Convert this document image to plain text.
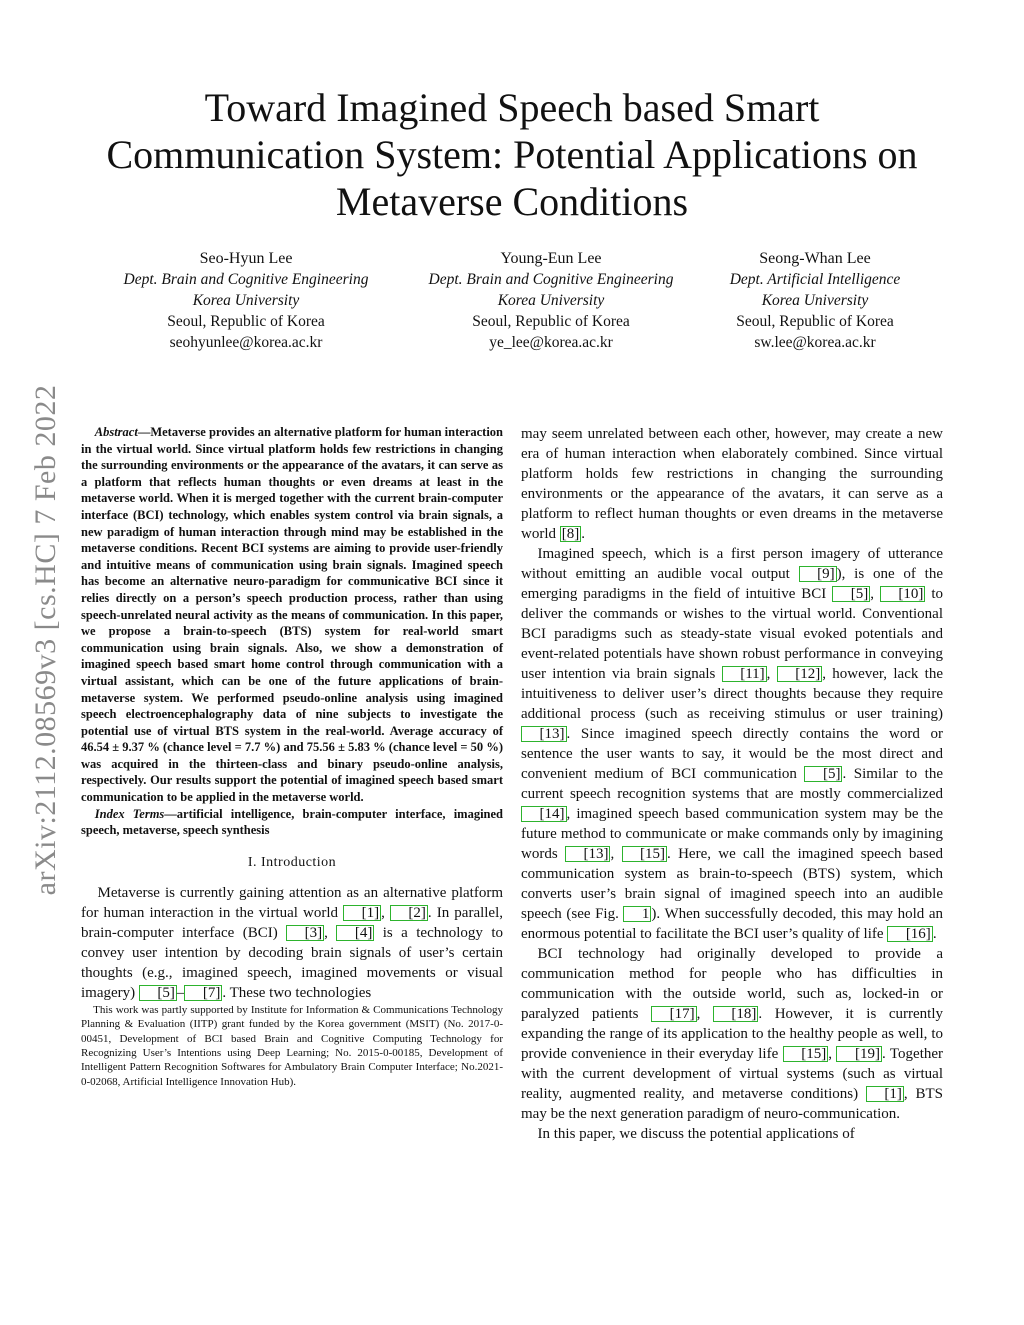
arXiv:2112.08569v3 [cs.HC] 7 Feb 2022
Toward Imagined Speech based Smart Communication System: Potential Applications on Metaverse Conditions
Seo-Hyun Lee
Dept. Brain and Cognitive Engineering
Korea University
Seoul, Republic of Korea
seohyunlee@korea.ac.kr
Young-Eun Lee
Dept. Brain and Cognitive Engineering
Korea University
Seoul, Republic of Korea
ye_lee@korea.ac.kr
Seong-Whan Lee
Dept. Artificial Intelligence
Korea University
Seoul, Republic of Korea
sw.lee@korea.ac.kr

Abstract—Metaverse provides an alternative platform for human interaction in the virtual world. Since virtual platform holds few restrictions in changing the surrounding environments or the appearance of the avatars, it can serve as a platform that reflects human thoughts or even dreams at least in the metaverse world. When it is merged together with the current brain-computer interface (BCI) technology, which enables system control via brain signals, a new paradigm of human interaction through mind may be established in the metaverse conditions. Recent BCI systems are aiming to provide user-friendly and intuitive means of communication using brain signals. Imagined speech has become an alternative neuro-paradigm for communicative BCI since it relies directly on a person’s speech production process, rather than using speech-unrelated neural activity as the means of communication. In this paper, we propose a brain-to-speech (BTS) system for real-world smart communication using brain signals. Also, we show a demonstration of imagined speech based smart home control through communication with a virtual assistant, which can be one of the future applications of brain-metaverse system. We performed pseudo-online analysis using imagined speech electroencephalography data of nine subjects to investigate the potential use of virtual BTS system in the real-world. Average accuracy of 46.54 ± 9.37 % (chance level = 7.7 %) and 75.56 ± 5.83 % (chance level = 50 %) was acquired in the thirteen-class and binary pseudo-online analysis, respectively. Our results support the potential of imagined speech based smart communication to be applied in the metaverse world.

Index Terms—artificial intelligence, brain-computer interface, imagined speech, metaverse, speech synthesis

I. Introduction

Metaverse is currently gaining attention as an alternative platform for human interaction in the virtual world [1] , [2] . In parallel, brain-computer interface (BCI) [3] , [4] is a technology to convey user intention by decoding brain signals of user’s certain thoughts (e.g., imagined speech, imagined movements or visual imagery) [5] – [7] . These two technologies

This work was partly supported by Institute for Information & Communications Technology Planning & Evaluation (IITP) grant funded by the Korea government (MSIT) (No. 2017-0-00451, Development of BCI based Brain and Cognitive Computing Technology for Recognizing User’s Intentions using Deep Learning; No. 2015-0-00185, Development of Intelligent Pattern Recognition Softwares for Ambulatory Brain Computer Interface; No.2021-0-02068, Artificial Intelligence Innovation Hub).

may seem unrelated between each other, however, may create a new era of human interaction when elaborately combined. Since virtual platform holds few restrictions in changing the surrounding environments or the appearance of the avatars, it can serve as a platform to reflect human thoughts or even dreams in the metaverse world [8] .

Imagined speech, which is a first person imagery of utterance without emitting an audible vocal output [9] ), is one of the emerging paradigms in the field of intuitive BCI [5] , [10] to deliver the commands or wishes to the virtual world. Conventional BCI paradigms such as steady-state visual evoked potentials and event-related potentials have shown robust performance in conveying user intention via brain signals [11] , [12] , however, lack the intuitiveness to deliver user’s direct thoughts because they require additional process (such as receiving stimulus or user training) [13] . Since imagined speech directly contains the word or sentence the user wants to say, it would be the most direct and convenient medium of BCI communication [5] . Similar to the current speech recognition systems that are mostly commercialized [14] , imagined speech based communication system may be the future method to communicate or make commands only by imagining words [13] , [15] . Here, we call the imagined speech based communication system as brain-to-speech (BTS) system, which converts user’s brain signal of imagined speech into an audible speech (see Fig. 1 ). When successfully decoded, this may hold an enormous potential to facilitate the BCI user’s quality of life [16] .

BCI technology had originally developed to provide a communication method for people who has difficulties in communication with the outside world, such as, locked-in or paralyzed patients [17] , [18] . However, it is currently expanding the range of its application to the healthy people as well, to provide convenience in their everyday life [15] , [19] . Together with the current development of virtual systems (such as virtual reality, augmented reality, and metaverse conditions) [1] , BTS may be the next generation paradigm of neuro-communication.

In this paper, we discuss the potential applications of
